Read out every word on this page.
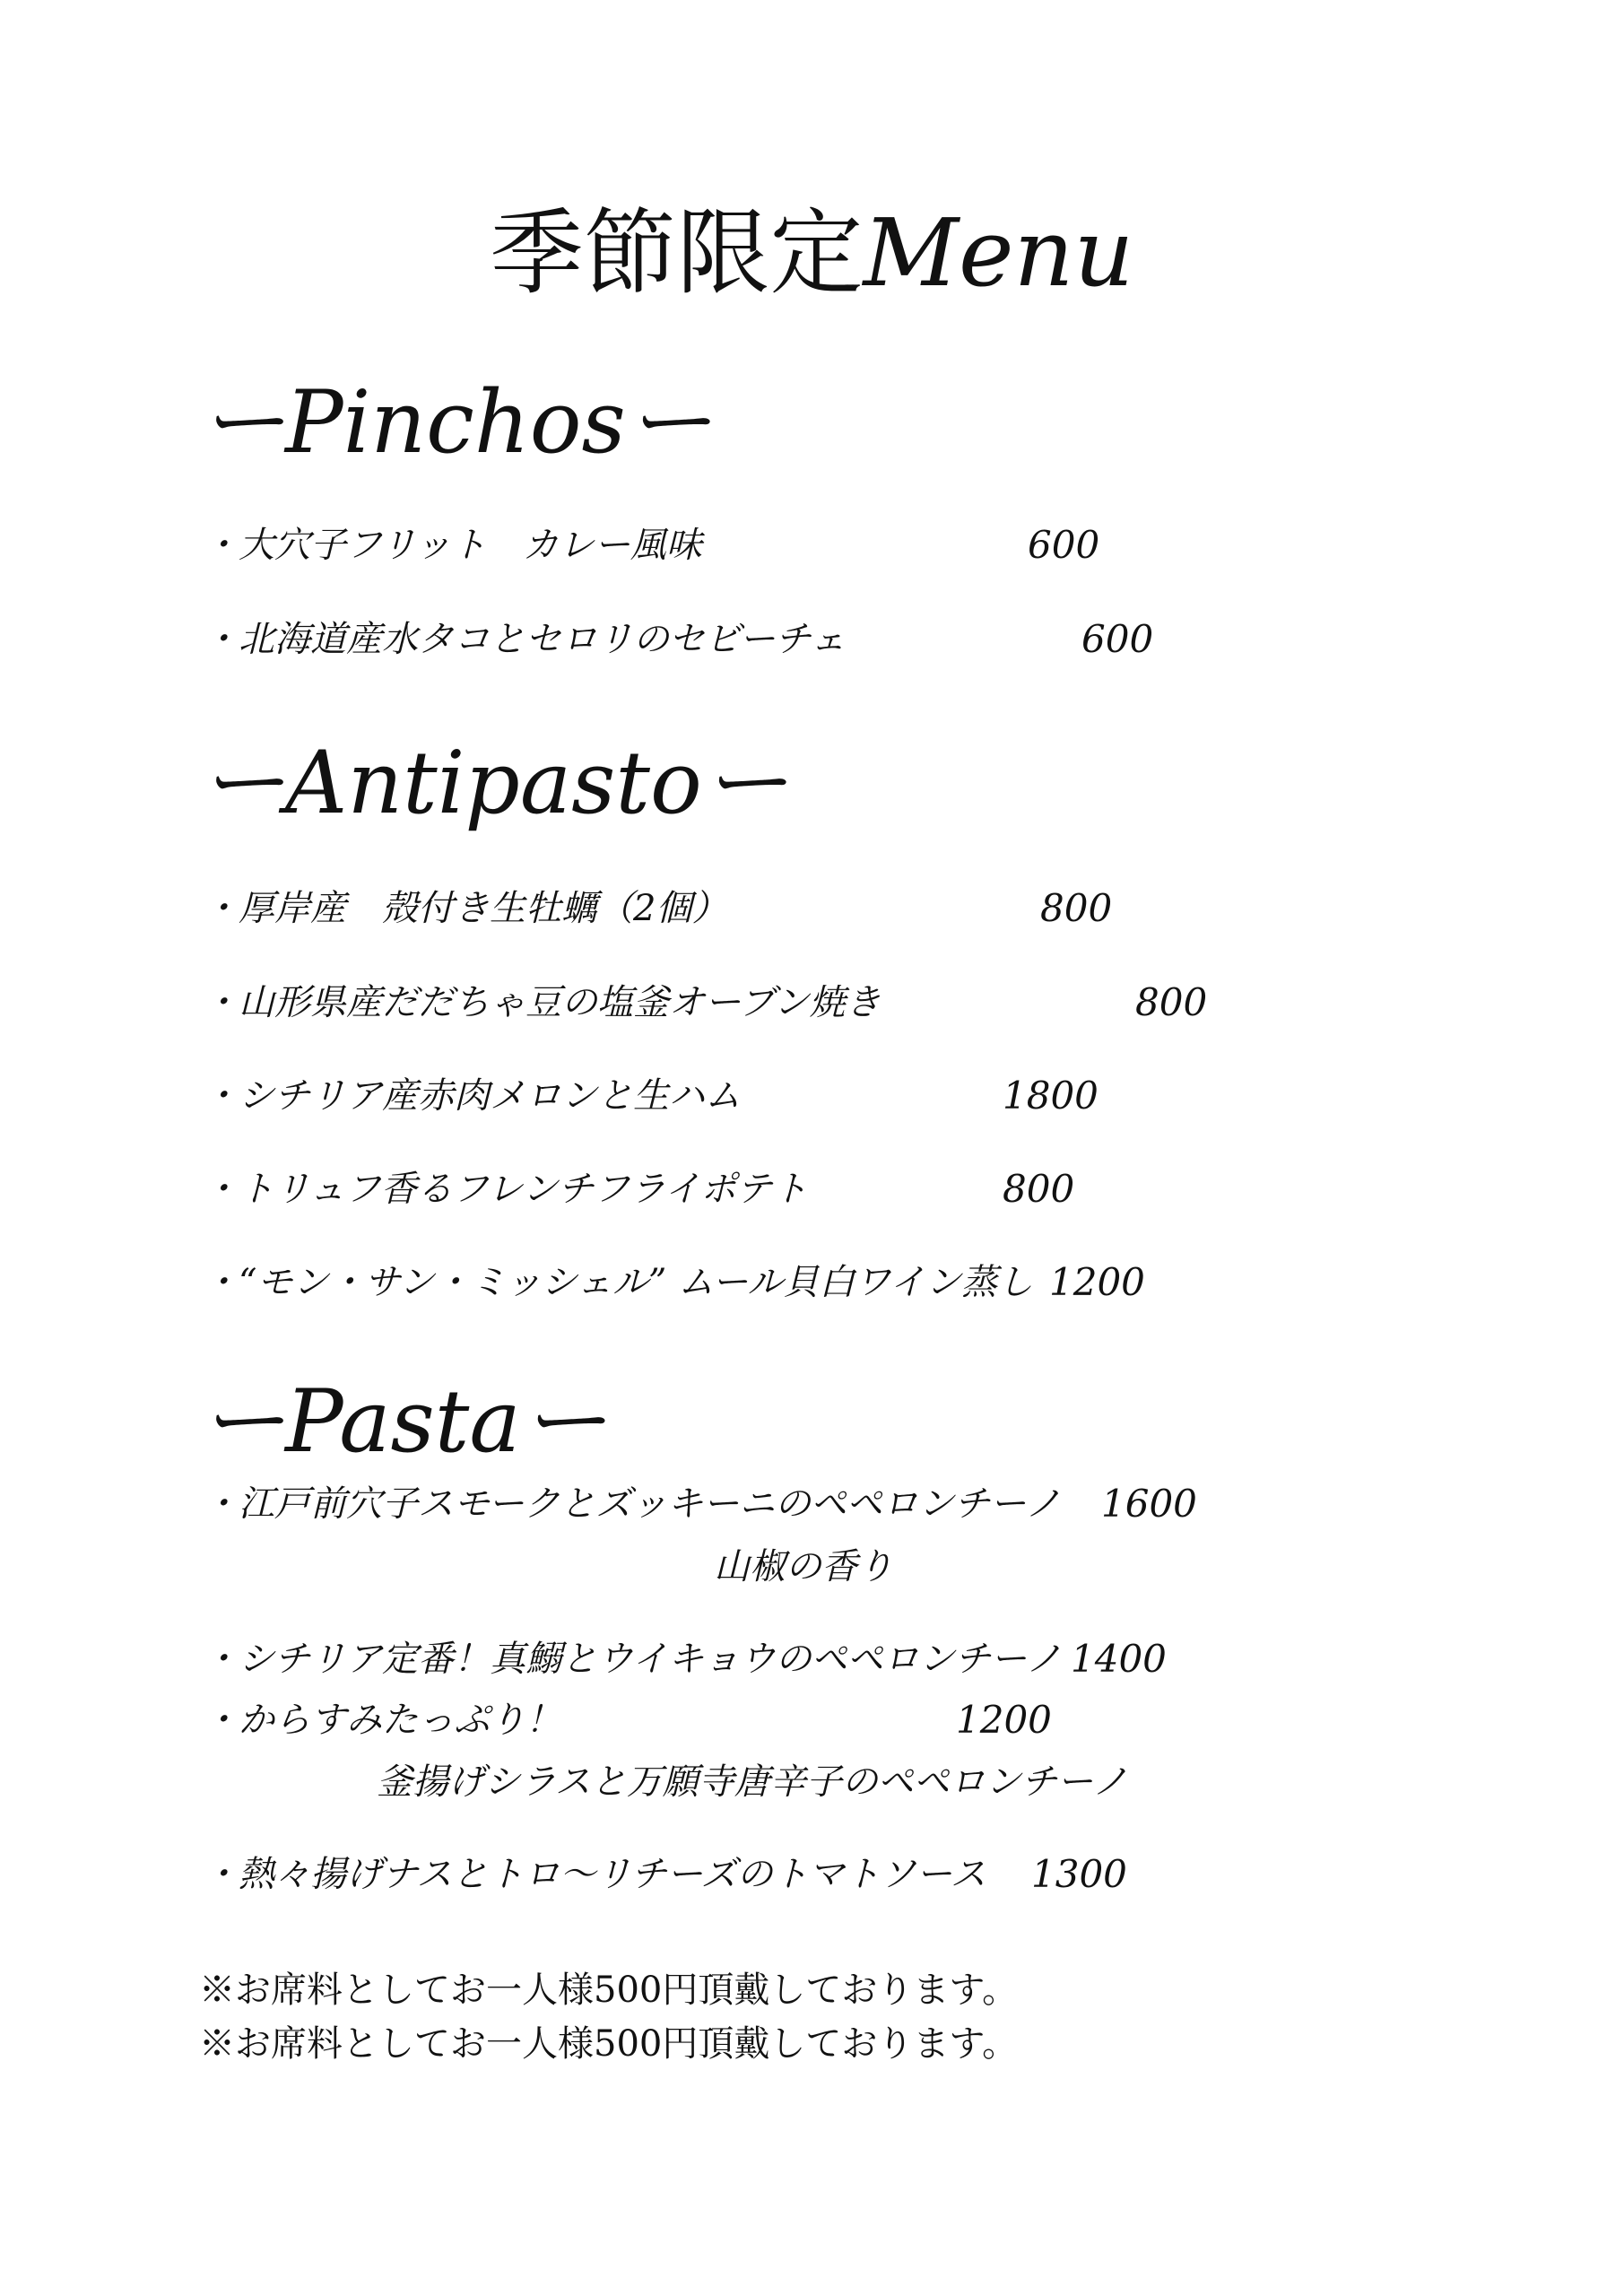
季節限定Menu
ーPinchosー
・大穴子フリット　カレー風味	600
・北海道産水タコとセロリのセビーチェ	600
ーAntipastoー
・厚岸産　殻付き生牡蠣（2個）	800
・山形県産だだちゃ豆の塩釜オーブン焼き	800
・シチリア産赤肉メロンと生ハム	1800
・トリュフ香るフレンチフライポテト	800
・“モン・サン・ミッシェル” ムール貝白ワイン蒸し 1200
ーPastaー
・江戸前穴子スモークとズッキーニのペペロンチーノ 1600
山椒の香り
・シチリア定番！真鰯とウイキョウのペペロンチーノ 1400
・からすみたっぷり！	1200
釜揚げシラスと万願寺唐辛子のペペロンチーノ
・熱々揚げナスとトロ～リチーズのトマトソース 1300
※お席料としてお一人様500円頂戴しております。
※お席料としてお一人様500円頂戴しております。
